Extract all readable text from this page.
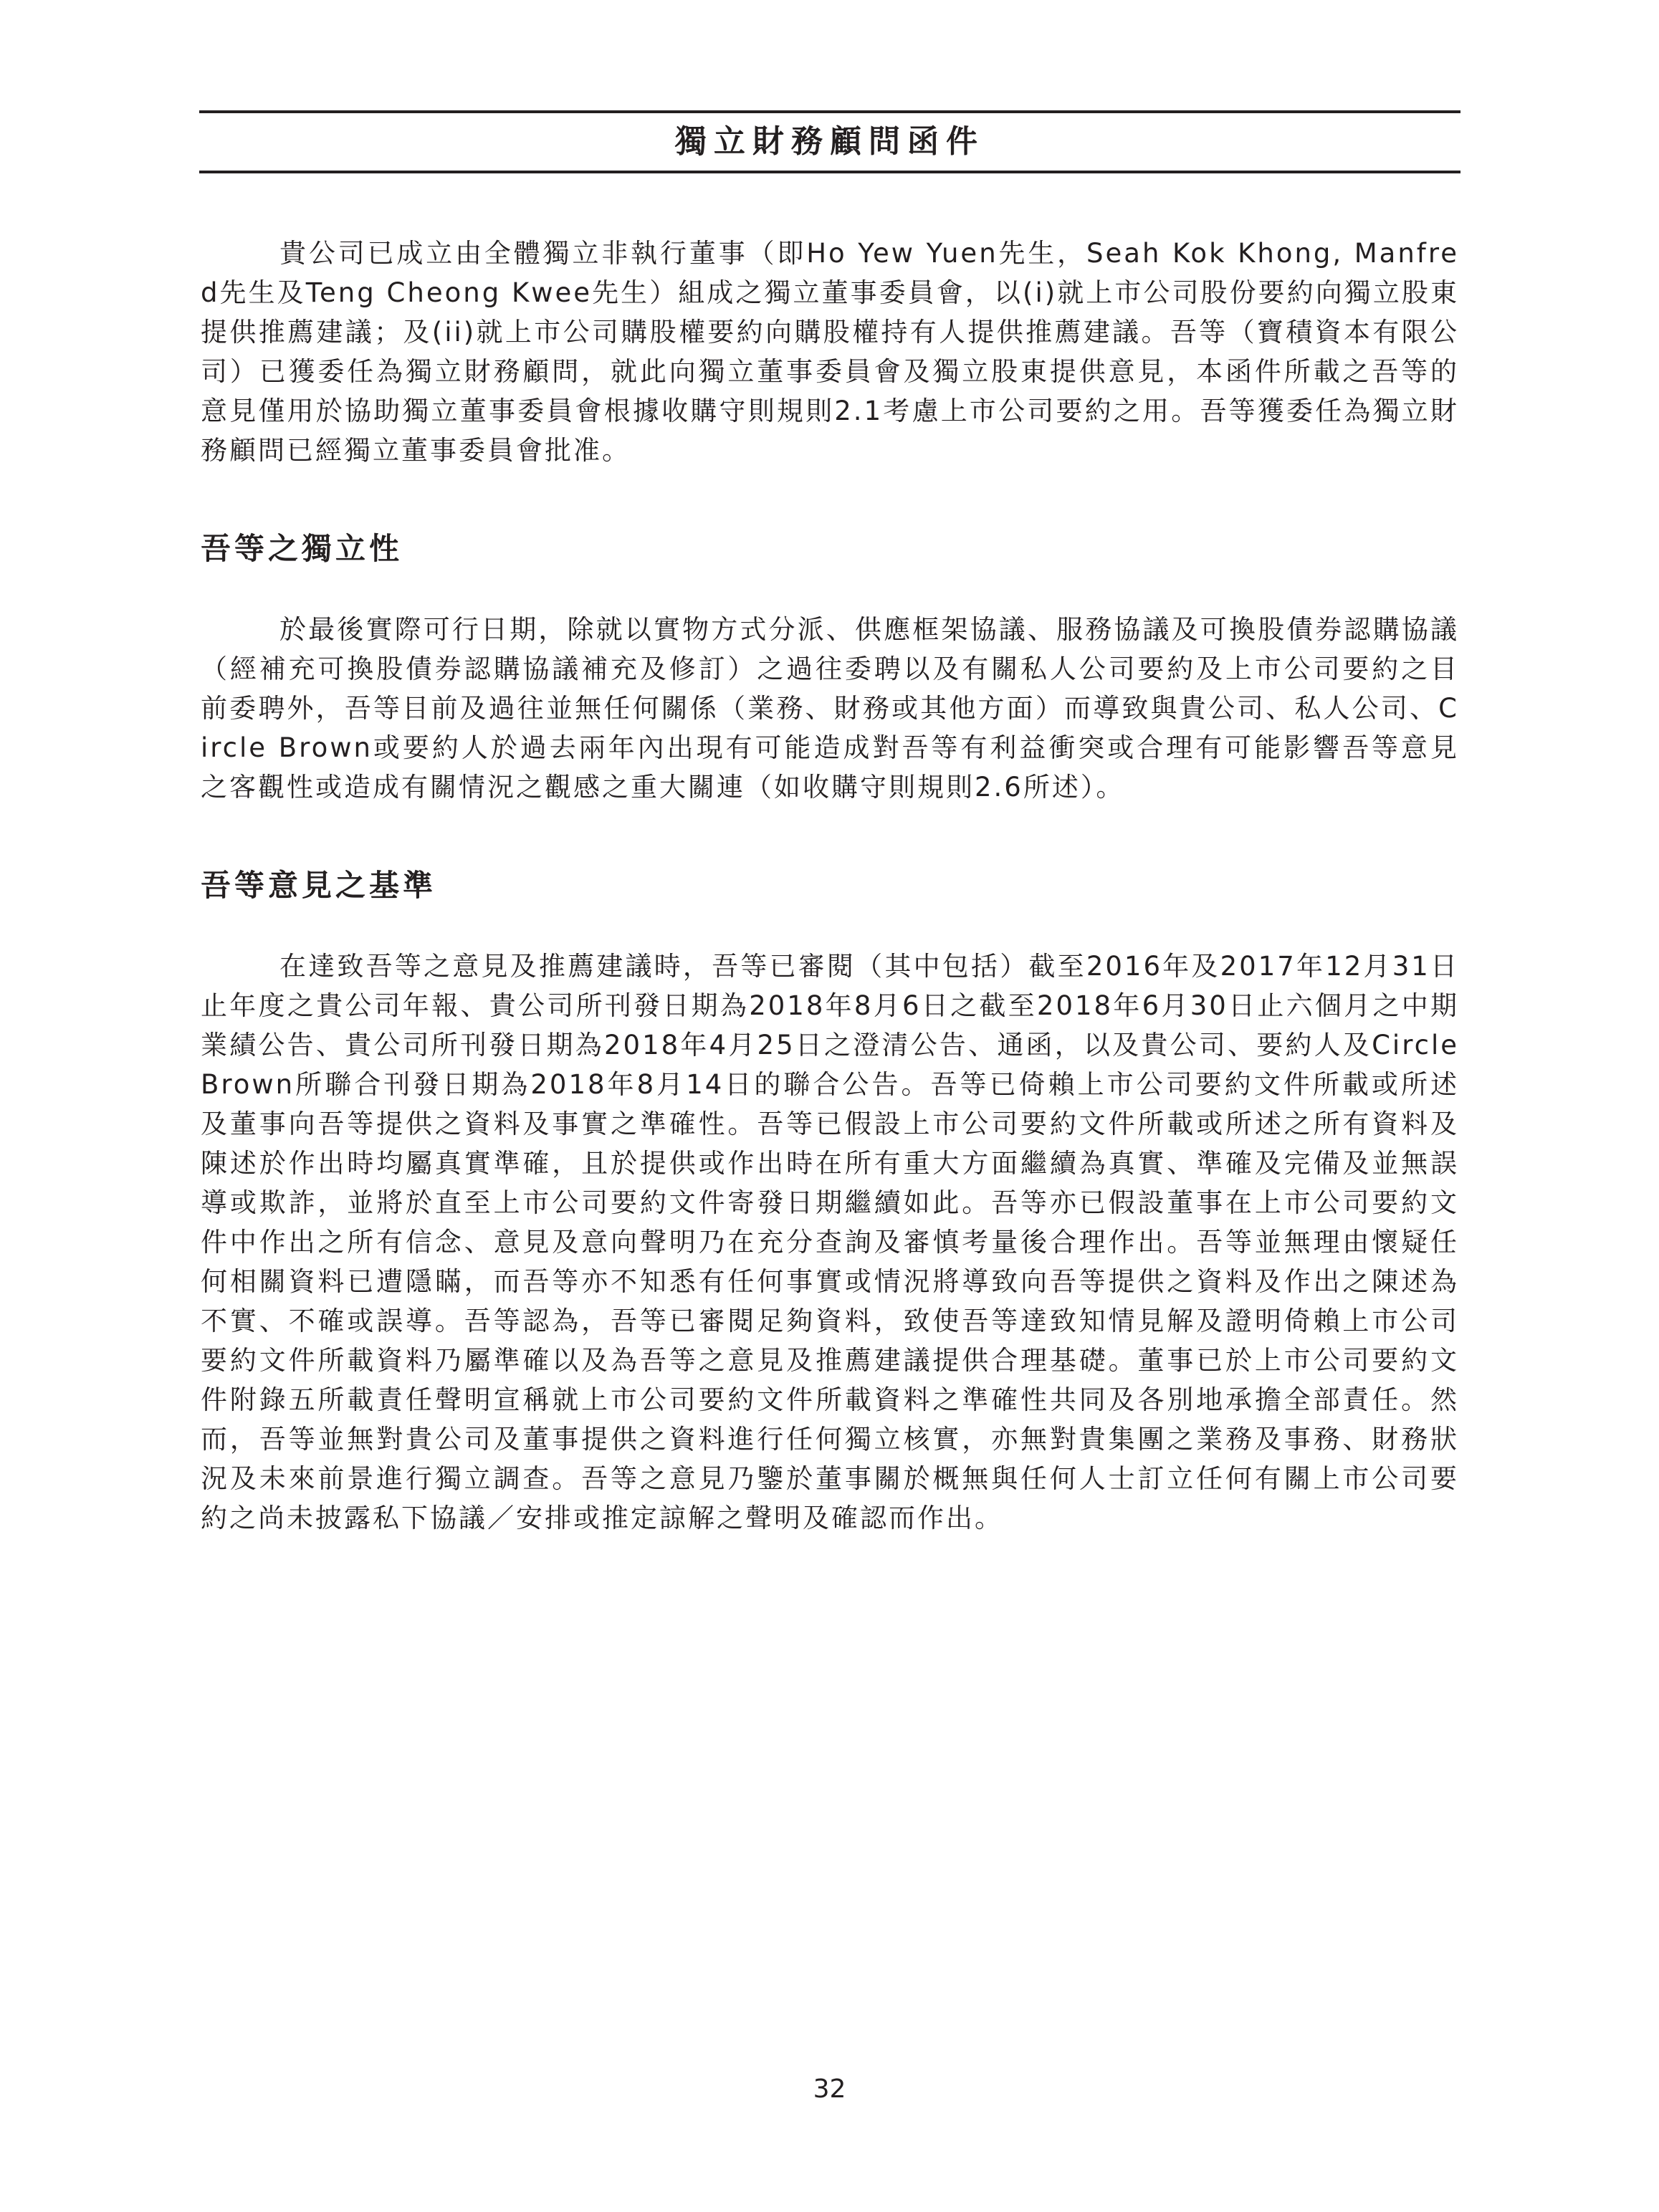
獨立財務顧問函件

貴公司已成立由全體獨立非執行董事（即Ho Yew Yuen先生，Seah Kok Khong, Manfred先生及Teng Cheong Kwee先生）組成之獨立董事委員會，以(i)就上市公司股份要約向獨立股東提供推薦建議；及(ii)就上市公司購股權要約向購股權持有人提供推薦建議。吾等（寶積資本有限公司）已獲委任為獨立財務顧問，就此向獨立董事委員會及獨立股東提供意見，本函件所載之吾等的意見僅用於協助獨立董事委員會根據收購守則規則2.1考慮上市公司要約之用。吾等獲委任為獨立財務顧問已經獨立董事委員會批准。

吾等之獨立性

於最後實際可行日期，除就以實物方式分派、供應框架協議、服務協議及可換股債券認購協議（經補充可換股債券認購協議補充及修訂）之過往委聘以及有關私人公司要約及上市公司要約之目前委聘外，吾等目前及過往並無任何關係（業務、財務或其他方面）而導致與貴公司、私人公司、Circle Brown或要約人於過去兩年內出現有可能造成對吾等有利益衝突或合理有可能影響吾等意見之客觀性或造成有關情況之觀感之重大關連（如收購守則規則2.6所述）。

吾等意見之基準

在達致吾等之意見及推薦建議時，吾等已審閱（其中包括）截至2016年及2017年12月31日止年度之貴公司年報、貴公司所刊發日期為2018年8月6日之截至2018年6月30日止六個月之中期業績公告、貴公司所刊發日期為2018年4月25日之澄清公告、通函，以及貴公司、要約人及Circle Brown所聯合刊發日期為2018年8月14日的聯合公告。吾等已倚賴上市公司要約文件所載或所述及董事向吾等提供之資料及事實之準確性。吾等已假設上市公司要約文件所載或所述之所有資料及陳述於作出時均屬真實準確，且於提供或作出時在所有重大方面繼續為真實、準確及完備及並無誤導或欺詐，並將於直至上市公司要約文件寄發日期繼續如此。吾等亦已假設董事在上市公司要約文件中作出之所有信念、意見及意向聲明乃在充分查詢及審慎考量後合理作出。吾等並無理由懷疑任何相關資料已遭隱瞞，而吾等亦不知悉有任何事實或情況將導致向吾等提供之資料及作出之陳述為不實、不確或誤導。吾等認為，吾等已審閱足夠資料，致使吾等達致知情見解及證明倚賴上市公司要約文件所載資料乃屬準確以及為吾等之意見及推薦建議提供合理基礎。董事已於上市公司要約文件附錄五所載責任聲明宣稱就上市公司要約文件所載資料之準確性共同及各別地承擔全部責任。然而，吾等並無對貴公司及董事提供之資料進行任何獨立核實，亦無對貴集團之業務及事務、財務狀況及未來前景進行獨立調查。吾等之意見乃鑒於董事關於概無與任何人士訂立任何有關上市公司要約之尚未披露私下協議／安排或推定諒解之聲明及確認而作出。

32
